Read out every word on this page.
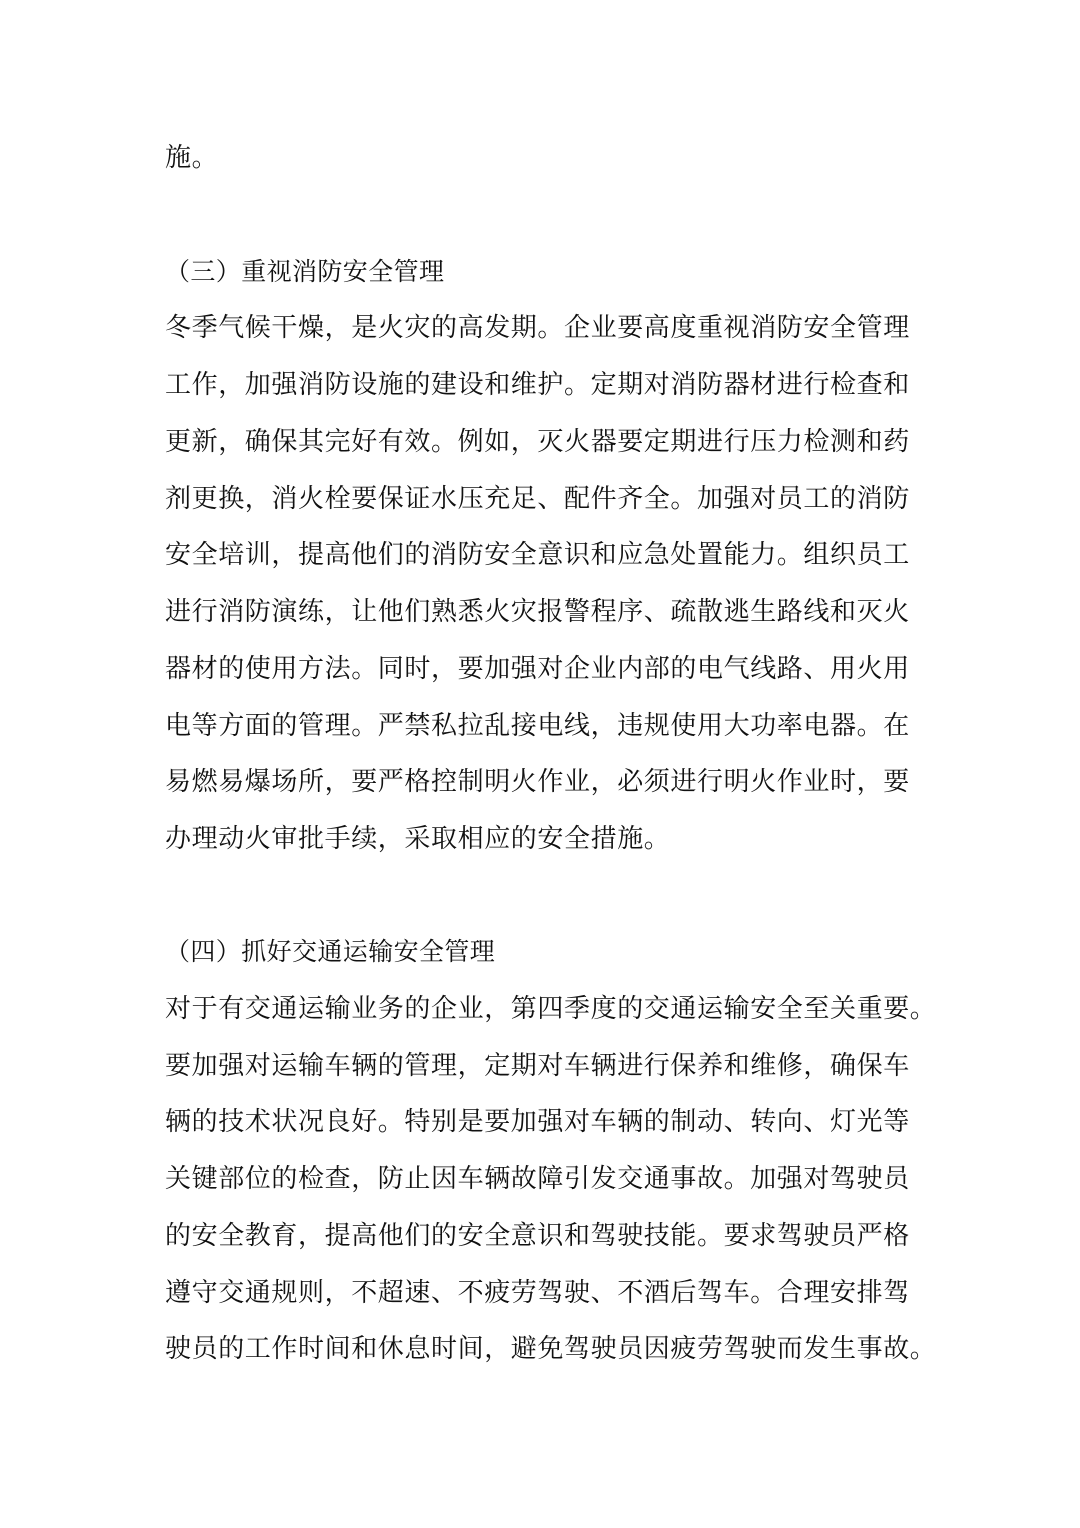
施。
（三）重视消防安全管理
冬季气候干燥，是火灾的高发期。企业要高度重视消防安全管理
工作，加强消防设施的建设和维护。定期对消防器材进行检查和
更新，确保其完好有效。例如，灭火器要定期进行压力检测和药
剂更换，消火栓要保证水压充足、配件齐全。加强对员工的消防
安全培训，提高他们的消防安全意识和应急处置能力。组织员工
进行消防演练，让他们熟悉火灾报警程序、疏散逃生路线和灭火
器材的使用方法。同时，要加强对企业内部的电气线路、用火用
电等方面的管理。严禁私拉乱接电线，违规使用大功率电器。在
易燃易爆场所，要严格控制明火作业，必须进行明火作业时，要
办理动火审批手续，采取相应的安全措施。
（四）抓好交通运输安全管理
对于有交通运输业务的企业，第四季度的交通运输安全至关重要。
要加强对运输车辆的管理，定期对车辆进行保养和维修，确保车
辆的技术状况良好。特别是要加强对车辆的制动、转向、灯光等
关键部位的检查，防止因车辆故障引发交通事故。加强对驾驶员
的安全教育，提高他们的安全意识和驾驶技能。要求驾驶员严格
遵守交通规则，不超速、不疲劳驾驶、不酒后驾车。合理安排驾
驶员的工作时间和休息时间，避免驾驶员因疲劳驾驶而发生事故。
